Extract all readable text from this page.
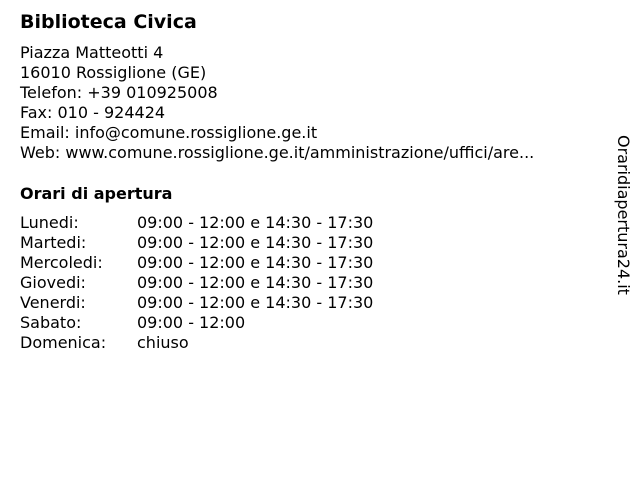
Biblioteca Civica
Piazza Matteotti 4
16010 Rossiglione (GE)
Telefon: +39 010925008
Fax: 010 - 924424
Email: info@comune.rossiglione.ge.it
Web: www.comune.rossiglione.ge.it/amministrazione/uffici/are...
Orari di apertura
Lunedi:	09:00 - 12:00 e 14:30 - 17:30
Martedi:	09:00 - 12:00 e 14:30 - 17:30
Mercoledi:	09:00 - 12:00 e 14:30 - 17:30
Giovedi:	09:00 - 12:00 e 14:30 - 17:30
Venerdi:	09:00 - 12:00 e 14:30 - 17:30
Sabato:	09:00 - 12:00
Domenica:	chiuso
Oraridiapertura24.it
